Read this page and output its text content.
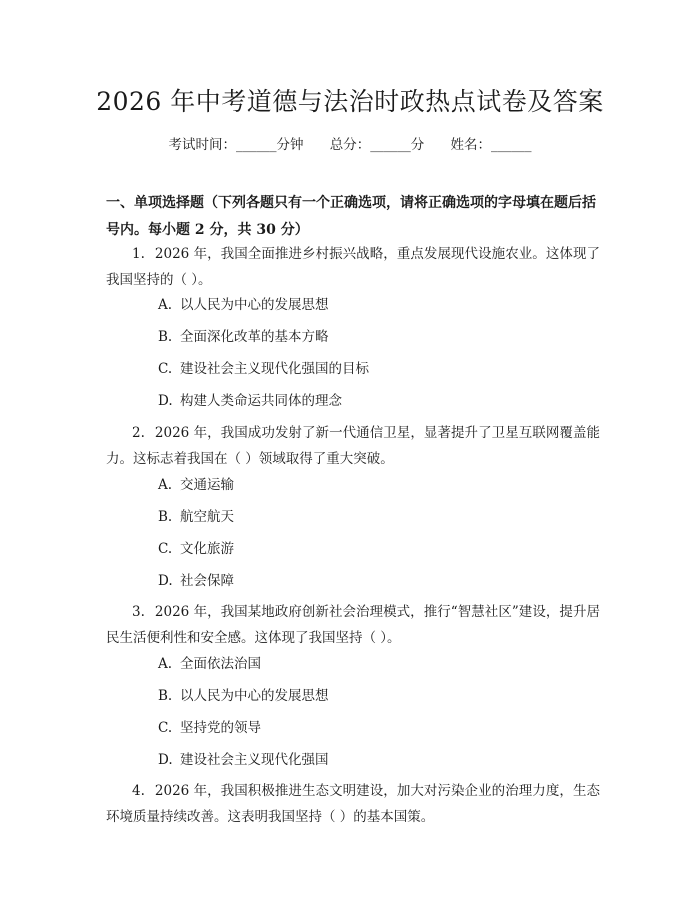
2026 年中考道德与法治时政热点试卷及答案
考试时间：______分钟 总分：______分 姓名：______
一、单项选择题（下列各题只有一个正确选项，请将正确选项的字母填在题后括号内。每小题 2 分，共 30 分）
1. 2026 年，我国全面推进乡村振兴战略，重点发展现代设施农业。这体现了我国坚持的（ ）。
A. 以人民为中心的发展思想
B. 全面深化改革的基本方略
C. 建设社会主义现代化强国的目标
D. 构建人类命运共同体的理念
2. 2026 年，我国成功发射了新一代通信卫星，显著提升了卫星互联网覆盖能力。这标志着我国在（ ）领域取得了重大突破。
A. 交通运输
B. 航空航天
C. 文化旅游
D. 社会保障
3. 2026 年，我国某地政府创新社会治理模式，推行“智慧社区”建设，提升居民生活便利性和安全感。这体现了我国坚持（ ）。
A. 全面依法治国
B. 以人民为中心的发展思想
C. 坚持党的领导
D. 建设社会主义现代化强国
4. 2026 年，我国积极推进生态文明建设，加大对污染企业的治理力度，生态环境质量持续改善。这表明我国坚持（ ）的基本国策。
